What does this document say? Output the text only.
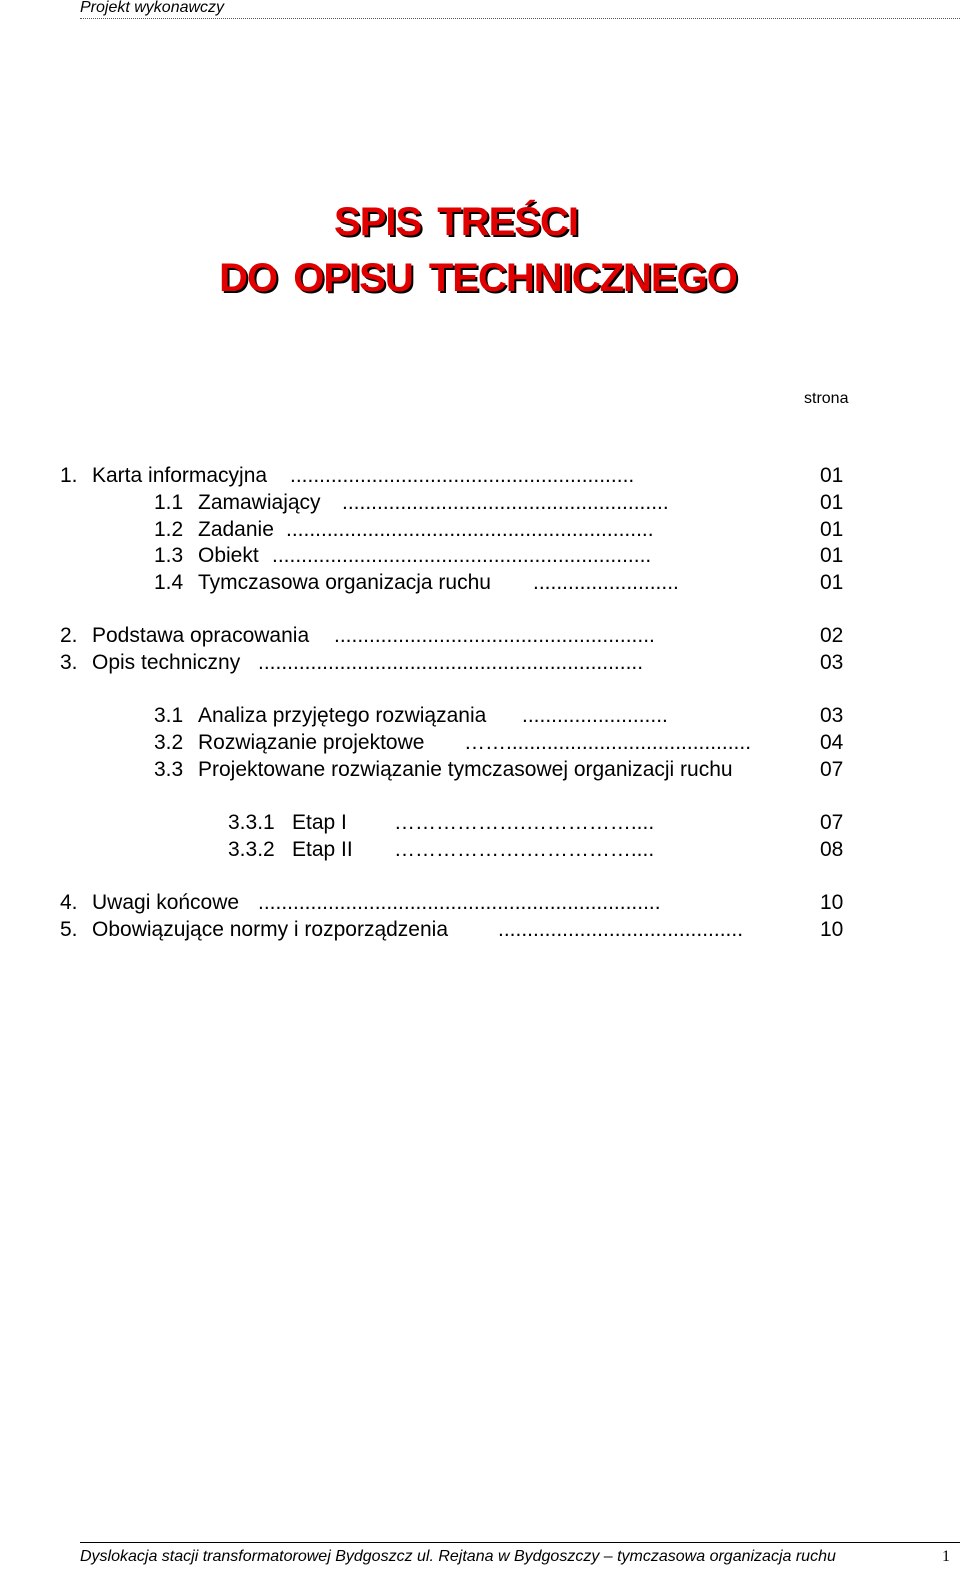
Projekt wykonawczy
SPIS TREŚCI
DO OPISU TECHNICZNEGO
strona
1. Karta informacyjna ...........................................................	01
1.1 Zamawiający ........................................................	01
1.2 Zadanie ...............................................................	01
1.3 Obiekt .................................................................	01
1.4 Tymczasowa organizacja ruchu .........................	01
2. Podstawa opracowania .......................................................	02
3. Opis techniczny ..................................................................	03
3.1 Analiza przyjętego rozwiązania .........................	03
3.2 Rozwiązanie projektowe ……..........................................	04
3.3 Projektowane rozwiązanie tymczasowej organizacji ruchu	07
3.3.1 Etap I ……………….……………....	07
3.3.2 Etap II ……………….……………....	08
4. Uwagi końcowe .....................................................................	10
5. Obowiązujące normy i rozporządzenia ..........................................	10
Dyslokacja stacji transformatorowej Bydgoszcz ul. Rejtana w Bydgoszczy – tymczasowa organizacja ruchu	1
